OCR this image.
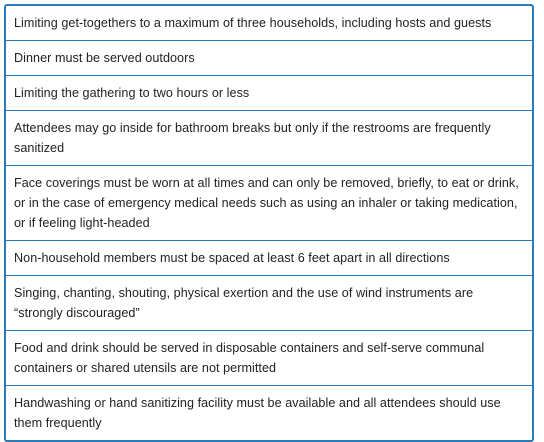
Limiting get-togethers to a maximum of three households, including hosts and guests
Dinner must be served outdoors
Limiting the gathering to two hours or less
Attendees may go inside for bathroom breaks but only if the restrooms are frequently sanitized
Face coverings must be worn at all times and can only be removed, briefly, to eat or drink, or in the case of emergency medical needs such as using an inhaler or taking medication, or if feeling light-headed
Non-household members must be spaced at least 6 feet apart in all directions
Singing, chanting, shouting, physical exertion and the use of wind instruments are “strongly discouraged”
Food and drink should be served in disposable containers and self-serve communal containers or shared utensils are not permitted
Handwashing or hand sanitizing facility must be available and all attendees should use them frequently
